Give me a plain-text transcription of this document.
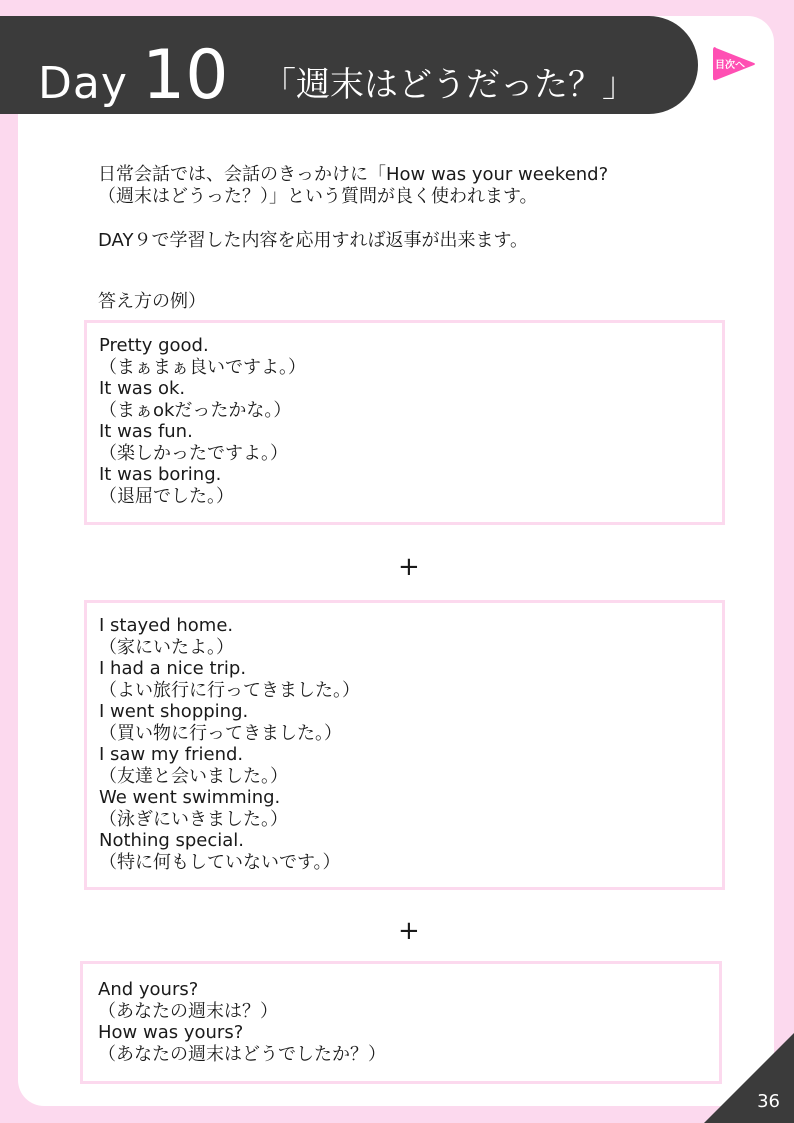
Day 10 「週末はどうだった？」	目次へ
日常会話では、会話のきっかけに「How was your weekend?
（週末はどうった？）」という質問が良く使われます。
DAY９で学習した内容を応用すれば返事が出来ます。
答え方の例）
Pretty good.
（まぁまぁ良いですよ。）
It was ok.
（まぁokだったかな。）
It was fun.
（楽しかったですよ。）
It was boring.
（退屈でした。）
+
I stayed home.
（家にいたよ。）
I had a nice trip.
（よい旅行に行ってきました。）
I went shopping.
（買い物に行ってきました。）
I saw my friend.
（友達と会いました。）
We went swimming.
（泳ぎにいきました。）
Nothing special.
（特に何もしていないです。）
+
And yours?
（あなたの週末は？）
How was yours?
（あなたの週末はどうでしたか？）
36
